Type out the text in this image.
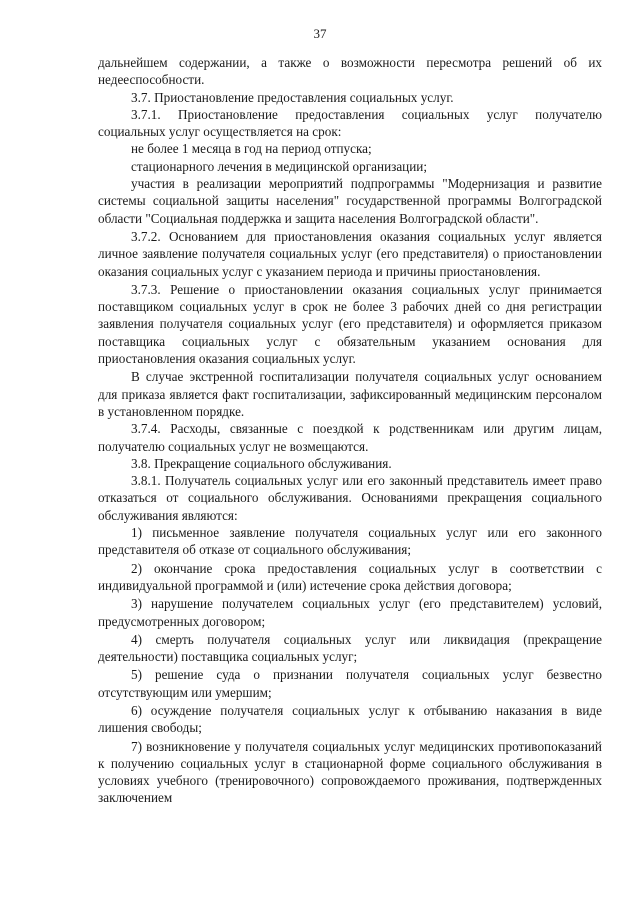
37

дальнейшем содержании, а также о возможности пересмотра решений об их недееспособности.

3.7. Приостановление предоставления социальных услуг.

3.7.1. Приостановление предоставления социальных услуг получателю социальных услуг осуществляется на срок:

не более 1 месяца в год на период отпуска;

стационарного лечения в медицинской организации;

участия в реализации мероприятий подпрограммы "Модернизация и развитие системы социальной защиты населения" государственной программы Волгоградской области "Социальная поддержка и защита населения Волгоградской области".

3.7.2. Основанием для приостановления оказания социальных услуг является личное заявление получателя социальных услуг (его представителя) о приостановлении оказания социальных услуг с указанием периода и причины приостановления.

3.7.3. Решение о приостановлении оказания социальных услуг принимается поставщиком социальных услуг в срок не более 3 рабочих дней со дня регистрации заявления получателя социальных услуг (его представителя) и оформляется приказом поставщика социальных услуг с обязательным указанием основания для приостановления оказания социальных услуг.

В случае экстренной госпитализации получателя социальных услуг основанием для приказа является факт госпитализации, зафиксированный медицинским персоналом в установленном порядке.

3.7.4. Расходы, связанные с поездкой к родственникам или другим лицам, получателю социальных услуг не возмещаются.

3.8. Прекращение социального обслуживания.

3.8.1. Получатель социальных услуг или его законный представитель имеет право отказаться от социального обслуживания. Основаниями прекращения социального обслуживания являются:

1) письменное заявление получателя социальных услуг или его законного представителя об отказе от социального обслуживания;

2) окончание срока предоставления социальных услуг в соответствии с индивидуальной программой и (или) истечение срока действия договора;

3) нарушение получателем социальных услуг (его представителем) условий, предусмотренных договором;

4) смерть получателя социальных услуг или ликвидация (прекращение деятельности) поставщика социальных услуг;

5) решение суда о признании получателя социальных услуг безвестно отсутствующим или умершим;

6) осуждение получателя социальных услуг к отбыванию наказания в виде лишения свободы;

7) возникновение у получателя социальных услуг медицинских противопоказаний к получению социальных услуг в стационарной форме социального обслуживания в условиях учебного (тренировочного) сопровождаемого проживания, подтвержденных заключением
